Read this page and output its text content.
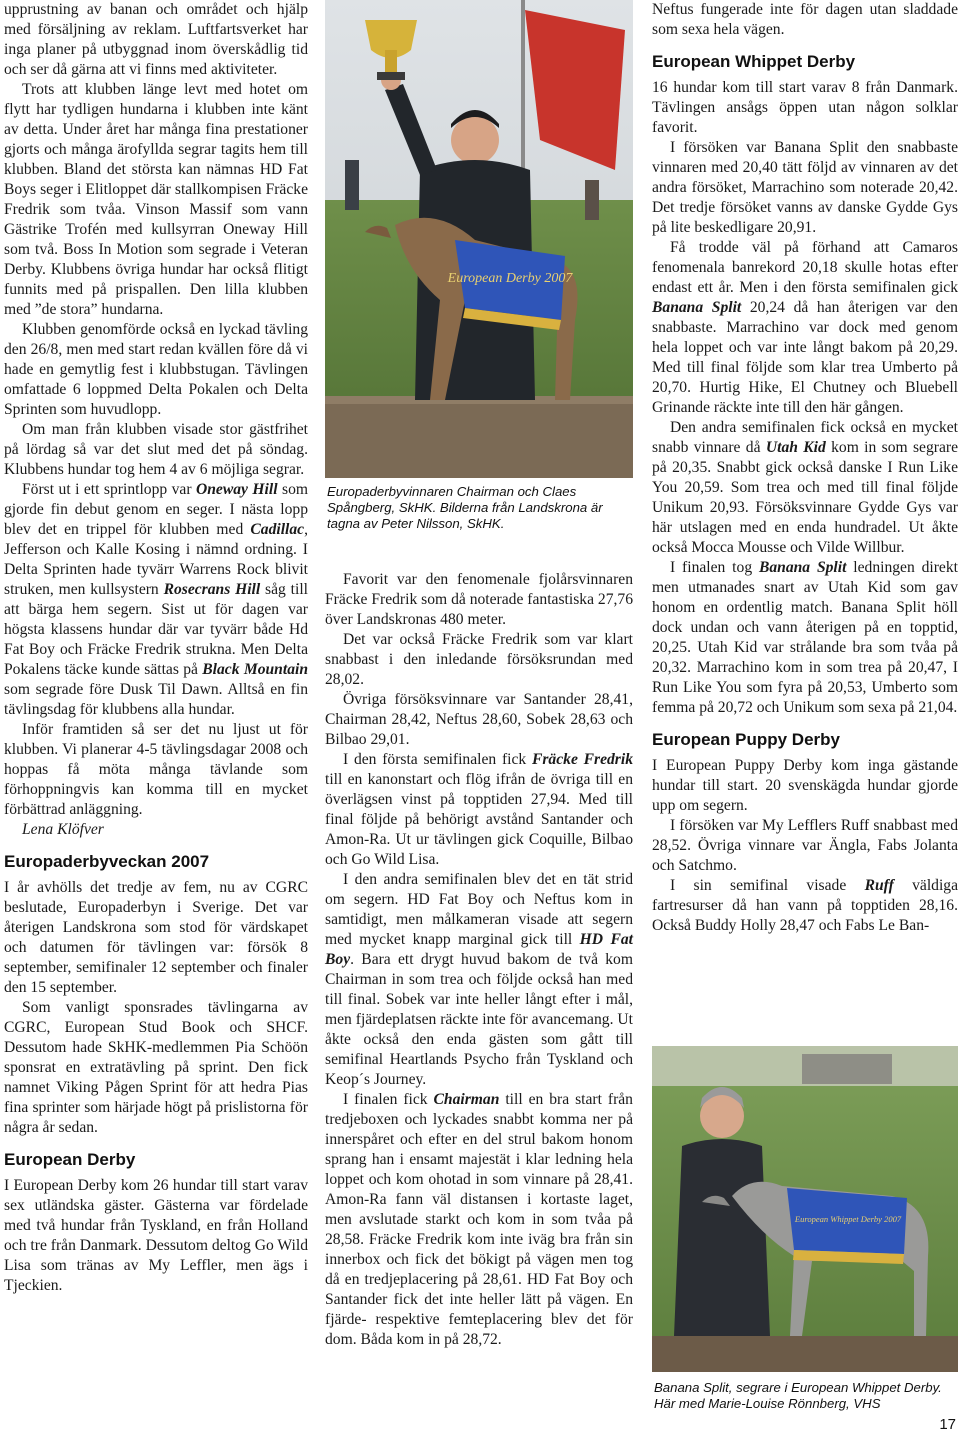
upprustning av banan och området och hjälp med försäljning av reklam. Luftfartsverket har inga planer på utbyggnad inom överskådlig tid och ser då gärna att vi finns med aktiviteter.

Trots att klubben länge levt med hotet om flytt har tydligen hundarna i klubben inte känt av detta. Under året har många fina prestationer gjorts och många ärofyllda segrar tagits hem till klubben. Bland det största kan nämnas HD Fat Boys seger i Elitloppet där stallkompisen Fräcke Fredrik som tvåa. Vinson Massif som vann Gästrike Trofén med kullsyrran Oneway Hill som två. Boss In Motion som segrade i Veteran Derby. Klubbens övriga hundar har också flitigt funnits med på prispallen. Den lilla klubben med ”de stora” hundarna.

Klubben genomförde också en lyckad tävling den 26/8, men med start redan kvällen före då vi hade en gemytlig fest i klubbstugan. Tävlingen omfattade 6 loppmed Delta Pokalen och Delta Sprinten som huvudlopp.

Om man från klubben visade stor gästfrihet på lördag så var det slut med det på söndag. Klubbens hundar tog hem 4 av 6 möjliga segrar.

Först ut i ett sprintlopp var Oneway Hill som gjorde fin debut genom en seger. I nästa lopp blev det en trippel för klubben med Cadillac, Jefferson och Kalle Kosing i nämnd ordning. I Delta Sprinten hade tyvärr Warrens Rock blivit struken, men kullsystern Rosecrans Hill såg till att bärga hem segern. Sist ut för dagen var högsta klassens hundar där var tyvärr både Hd Fat Boy och Fräcke Fredrik strukna. Men Delta Pokalens täcke kunde sättas på Black Mountain som segrade före Dusk Til Dawn. Alltså en fin tävlingsdag för klubbens alla hundar.

Inför framtiden så ser det nu ljust ut för klubben. Vi planerar 4-5 tävlingsdagar 2008 och hoppas få möta många tävlande som förhoppningvis kan komma till en mycket förbättrad anläggning.

Lena Klöfver

Europaderbyveckan 2007

I år avhölls det tredje av fem, nu av CGRC beslutade, Europaderbyn i Sverige. Det var återigen Landskrona som stod för värdskapet och datumen för tävlingen var: försök 8 september, semifinaler 12 september och finaler den 15 september.

Som vanligt sponsrades tävlingarna av CGRC, European Stud Book och SHCF. Dessutom hade SkHK-medlemmen Pia Schöön sponsrat en extratävling på sprint. Den fick namnet Viking Pågen Sprint för att hedra Pias fina sprinter som härjade högt på prislistorna för några år sedan.

European Derby

I European Derby kom 26 hundar till start varav sex utländska gäster. Gästerna var fördelade med två hundar från Tyskland, en från Holland och tre från Danmark. Dessutom deltog Go Wild Lisa som tränas av My Leffler, men ägs i Tjeckien.

European Derby 2007

Europaderbyvinnaren Chairman och Claes Spångberg, SkHK. Bilderna från Landskrona är tagna av Peter Nilsson, SkHK.

Favorit var den fenomenale fjolårsvinnaren Fräcke Fredrik som då noterade fantastiska 27,76 över Landskronas 480 meter.

Det var också Fräcke Fredrik som var klart snabbast i den inledande försöksrundan med 28,02.

Övriga försöksvinnare var Santander 28,41, Chairman 28,42, Neftus 28,60, Sobek 28,63 och Bilbao 29,01.

I den första semifinalen fick Fräcke Fredrik till en kanonstart och flög ifrån de övriga till en överlägsen vinst på topptiden 27,94. Med till final följde på behörigt avstånd Santander och Amon-Ra. Ut ur tävlingen gick Coquille, Bilbao och Go Wild Lisa.

I den andra semifinalen blev det en tät strid om segern. HD Fat Boy och Neftus kom in samtidigt, men målkameran visade att segern med mycket knapp marginal gick till HD Fat Boy. Bara ett drygt huvud bakom de två kom Chairman in som trea och följde också han med till final. Sobek var inte heller långt efter i mål, men fjärdeplatsen räckte inte för avancemang. Ut åkte också den enda gästen som gått till semifinal Heartlands Psycho från Tyskland och Keop´s Journey.

I finalen fick Chairman till en bra start från tredjeboxen och lyckades snabbt komma ner på innerspåret och efter en del strul bakom honom sprang han i ensamt majestät i klar ledning hela loppet och kom ohotad in som vinnare på 28,41. Amon-Ra fann väl distansen i kortaste laget, men avslutade starkt och kom in som tvåa på 28,58. Fräcke Fredrik kom inte iväg bra från sin innerbox och fick det bökigt på vägen men tog då en tredjeplacering på 28,61. HD Fat Boy och Santander fick det inte heller lätt på vägen. En fjärde- respektive femteplacering blev det för dom. Båda kom in på 28,72.

Neftus fungerade inte för dagen utan sladdade som sexa hela vägen.

European Whippet Derby

16 hundar kom till start varav 8 från Danmark. Tävlingen ansågs öppen utan någon solklar favorit.

I försöken var Banana Split den snabbaste vinnaren med 20,40 tätt följd av vinnaren av det andra försöket, Marrachino som noterade 20,42. Det tredje försöket vanns av danske Gydde Gys på lite beskedligare 20,91.

Få trodde väl på förhand att Camaros fenomenala banrekord 20,18 skulle hotas efter endast ett år. Men i den första semifinalen gick Banana Split 20,24 då han återigen var den snabbaste. Marrachino var dock med genom hela loppet och var inte långt bakom på 20,29. Med till final följde som klar trea Umberto på 20,70. Hurtig Hike, El Chutney och Bluebell Grinande räckte inte till den här gången.

Den andra semifinalen fick också en mycket snabb vinnare då Utah Kid kom in som segrare på 20,35. Snabbt gick också danske I Run Like You 20,59. Som trea och med till final följde Unikum 20,93. Försöksvinnare Gydde Gys var här utslagen med en enda hundradel. Ut åkte också Mocca Mousse och Vilde Willbur.

I finalen tog Banana Split ledningen direkt men utmanades snart av Utah Kid som gav honom en ordentlig match. Banana Split höll dock undan och vann återigen på en topptid, 20,25. Utah Kid var strålande bra som tvåa på 20,32. Marrachino kom in som trea på 20,47, I Run Like You som fyra på 20,53, Umberto som femma på 20,72 och Unikum som sexa på 21,04.

European Puppy Derby

I European Puppy Derby kom inga gästande hundar till start. 20 svenskägda hundar gjorde upp om segern.

I försöken var My Lefflers Ruff snabbast med 28,52. Övriga vinnare var Ängla, Fabs Jolanta och Satchmo.

I sin semifinal visade Ruff väldiga fartresurser då han vann på topptiden 28,16. Också Buddy Holly 28,47 och Fabs Le Ban-

European Whippet Derby 2007

Banana Split, segrare i European Whippet Derby. Här med Marie-Louise Rönnberg, VHS

17
